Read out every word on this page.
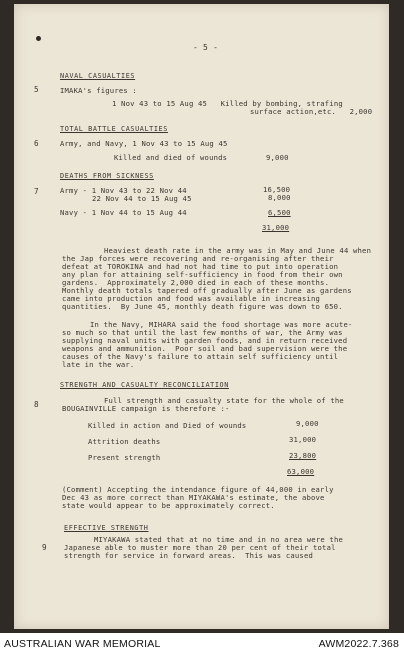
- 5 -
5
NAVAL CASUALTIES
IMAKA's figures :
1 Nov 43 to 15 Aug 45   Killed by bombing, strafing
surface action,etc.   2,000
TOTAL BATTLE CASUALTIES
6	Army, and Navy, 1 Nov 43 to 15 Aug 45
Killed and died of wounds	9,000
DEATHS FROM SICKNESS
7	Army - 1 Nov 43 to 22 Nov 44	16,500
22 Nov 44 to 15 Aug 45	8,000
Navy - 1 Nov 44 to 15 Aug 44	6,500
31,000
Heaviest death rate in the army was in May and June 44 when
the Jap forces were recovering and re-organising after their
defeat at TOROKINA and had not had time to put into operation
any plan for attaining self-sufficiency in food from their own
gardens.  Approximately 2,000 died in each of these months.
Monthly death totals tapered off gradually after June as gardens
came into production and food was available in increasing
quantities.  By June 45, monthly death figure was down to 650.
In the Navy, MIHARA said the food shortage was more acute-
so much so that until the last few months of war, the Army was
supplying naval units with garden foods, and in return received
weapons and ammunition.  Poor soil and bad supervision were the
causes of the Navy's failure to attain self sufficiency until
late in the war.
STRENGTH AND CASUALTY RECONCILIATION
8	Full strength and casualty state for the whole of the
BOUGAINVILLE campaign is therefore :-
Killed in action and Died of wounds	9,000
Attrition deaths	31,000
Present strength	23,800
63,000
(Comment) Accepting the intendance figure of 44,000 in early
Dec 43 as more correct than MIYAKAWA's estimate, the above
state would appear to be approximately correct.
EFFECTIVE STRENGTH
9
MIYAKAWA stated that at no time and in no area were the
Japanese able to muster more than 20 per cent of their total
strength for service in forward areas.  This was caused
AUSTRALIAN WAR MEMORIAL	AWM2022.7.368
